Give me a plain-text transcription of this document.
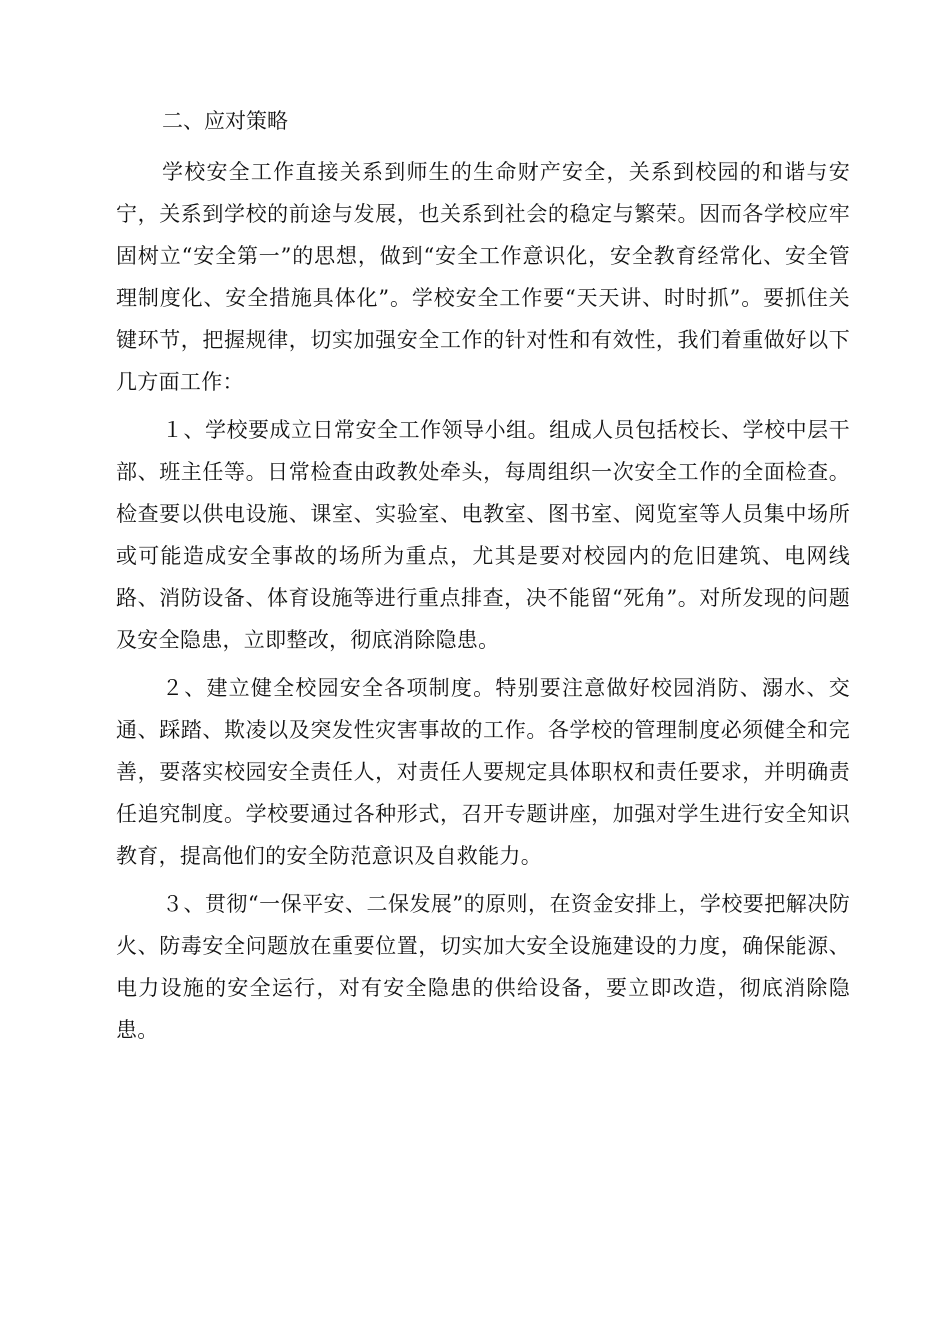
二、应对策略

学校安全工作直接关系到师生的生命财产安全，关系到校园的和谐与安宁，关系到学校的前途与发展，也关系到社会的稳定与繁荣。因而各学校应牢固树立“安全第一”的思想，做到“安全工作意识化，安全教育经常化、安全管理制度化、安全措施具体化”。学校安全工作要“天天讲、时时抓”。要抓住关键环节，把握规律，切实加强安全工作的针对性和有效性，我们着重做好以下几方面工作：

１、学校要成立日常安全工作领导小组。组成人员包括校长、学校中层干部、班主任等。日常检查由政教处牵头，每周组织一次安全工作的全面检查。检查要以供电设施、课室、实验室、电教室、图书室、阅览室等人员集中场所或可能造成安全事故的场所为重点，尤其是要对校园内的危旧建筑、电网线路、消防设备、体育设施等进行重点排查，决不能留“死角”。对所发现的问题及安全隐患，立即整改，彻底消除隐患。

２、建立健全校园安全各项制度。特别要注意做好校园消防、溺水、交通、踩踏、欺凌以及突发性灾害事故的工作。各学校的管理制度必须健全和完善，要落实校园安全责任人，对责任人要规定具体职权和责任要求，并明确责任追究制度。学校要通过各种形式，召开专题讲座，加强对学生进行安全知识教育，提高他们的安全防范意识及自救能力。

３、贯彻“一保平安、二保发展”的原则，在资金安排上，学校要把解决防火、防毒安全问题放在重要位置，切实加大安全设施建设的力度，确保能源、电力设施的安全运行，对有安全隐患的供给设备，要立即改造，彻底消除隐患。
